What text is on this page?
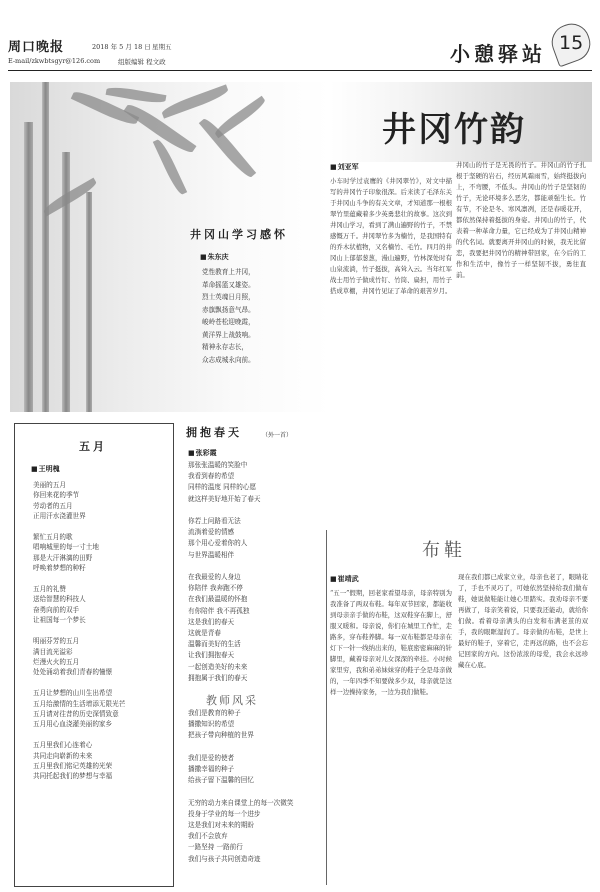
周口晚报
E-mail/zkwbtsgyr@126.com
2018 年 5 月 18 日 星期五
组版编辑 程文政	小憩驿站 15
井冈竹韵
井冈山学习感怀
■ 朱东庆
党性教育上井冈，
革命摇篮又雄姿。
烈士英魂日月照，
赤旗飘扬意气昂。
峻岭苍松迎晚霞，
黄洋界上战鼓响。
精神永存志长，
众志成城永向前。
■ 刘亚军
小车时学过袁鹰的《井冈翠竹》，对文中描写的井冈竹子印象很深。后来读了毛泽东关于井冈山斗争的有关文章，才知道那一根根翠竹里蕴藏着多少英勇悲壮的故事。这次到井冈山学习，看到了满山遍野的竹子，不禁感慨万千。井冈翠竹多为楠竹，是我国特有的乔木状植物，又名楠竹、毛竹。四月的井冈山上郁郁葱葱，漫山遍野，竹林深处时有山泉流淌，竹子挺拔，高耸入云。当年红军战士用竹子做成竹钉、竹筒、扁担，用竹子搭成草棚，井冈竹见证了革命的艰苦岁月。
井冈山的竹子是无畏的竹子。井冈山的竹子扎根于坚硬的岩石，经历风霜雨雪，始终挺拔向上，不弯腰，不低头。井冈山的竹子是坚韧的竹子，无论环境多么恶劣，都能顽强生长。竹有节，不论是冬、寒风凛冽，还是春暖花开，都依然保持着挺拔的身姿。井冈山的竹子，代表着一种革命力量，它已经成为了井冈山精神的代名词。就要离开井冈山的时候，我无比留恋，我要把井冈竹的精神带回家，在今后的工作和生活中，像竹子一样坚韧不拔，勇往直前。
拥抱春天	（外一首）
■ 张彩霞
那张张温暖的笑脸中
我看到春的希望
同样的温度 同样的心愿
就这样美好地开始了春天

你若上问路看无法
流淌着爱的情感
那个用心爱着你的人
与世界温暖相伴

在我最爱的人身边
你陪伴 我奔跑不停
在我们最温暖的怀抱
有你陪伴 我不再孤独
这是我们的春天
这就是青春
温馨而美好的生活
让我们拥抱春天
一起创造美好的未来
拥抱属于我们的春天
教师风采
我们是教育的种子
播撒知识的希望
把孩子带向种植的世界

我们是爱的使者
播撒幸福的种子
给孩子留下温馨的回忆

无穷的动力来自课堂上的每一次微笑
投身于学业的每一个进步
这是我们对未来的期盼
我们不会放弃
一路坚持 一路前行
我们与孩子共同创造奇迹
五月
■ 王明槐
美丽的五月
你回来花的季节
劳动者的五月
正用汗水浇灌世界

繁忙五月的歌
唱响城里的每一寸土地
那是大汗淋漓的田野
呼唤着梦想的种籽

五月的礼赞
送给智慧的科技人
奋勇向前的双手
让祖国每一个梦长

明丽芬芳的五月
满目流光溢彩
烂漫火火的五月
处处涌动着我们青春的憧憬

五月让梦想的山川生出希望
五月给激情的生活增添无限光芒
五月请对往昔的历史深情致意
五月用心血浇灌美丽的家乡

五月里我们心连着心
共同走向崭新的未来
五月里我们铭记英雄的光荣
共同托起我们的梦想与幸福
布鞋
■ 崔靖武
“五一”假期，回老家看望母亲，母亲特别为我准备了两双布鞋。每年双节回家，都能收到母亲亲手做的布鞋，这双鞋穿在脚上，舒服又暖和。母亲说，你们在城里工作忙，走路多，穿布鞋养脚。每一双布鞋都是母亲在灯下一针一线纳出来的，鞋底密密麻麻的针脚里，藏着母亲对儿女深深的牵挂。小时候家里穷，我和弟弟妹妹穿的鞋子全是母亲做的，一年四季不知要做多少双，母亲就是这样一边操持家务，一边为我们做鞋。
现在我们都已成家立业，母亲也老了，眼睛花了，手也不灵巧了，可她依然坚持给我们做布鞋，她说做鞋能让她心里踏实。我劝母亲不要再做了，母亲笑着说，只要我还能动，就给你们做。看着母亲满头的白发和布满老茧的双手，我的眼眶湿润了。母亲做的布鞋，是世上最好的鞋子，穿着它，走再远的路，也不会忘记回家的方向。这份浓浓的母爱，我会永远珍藏在心底。
